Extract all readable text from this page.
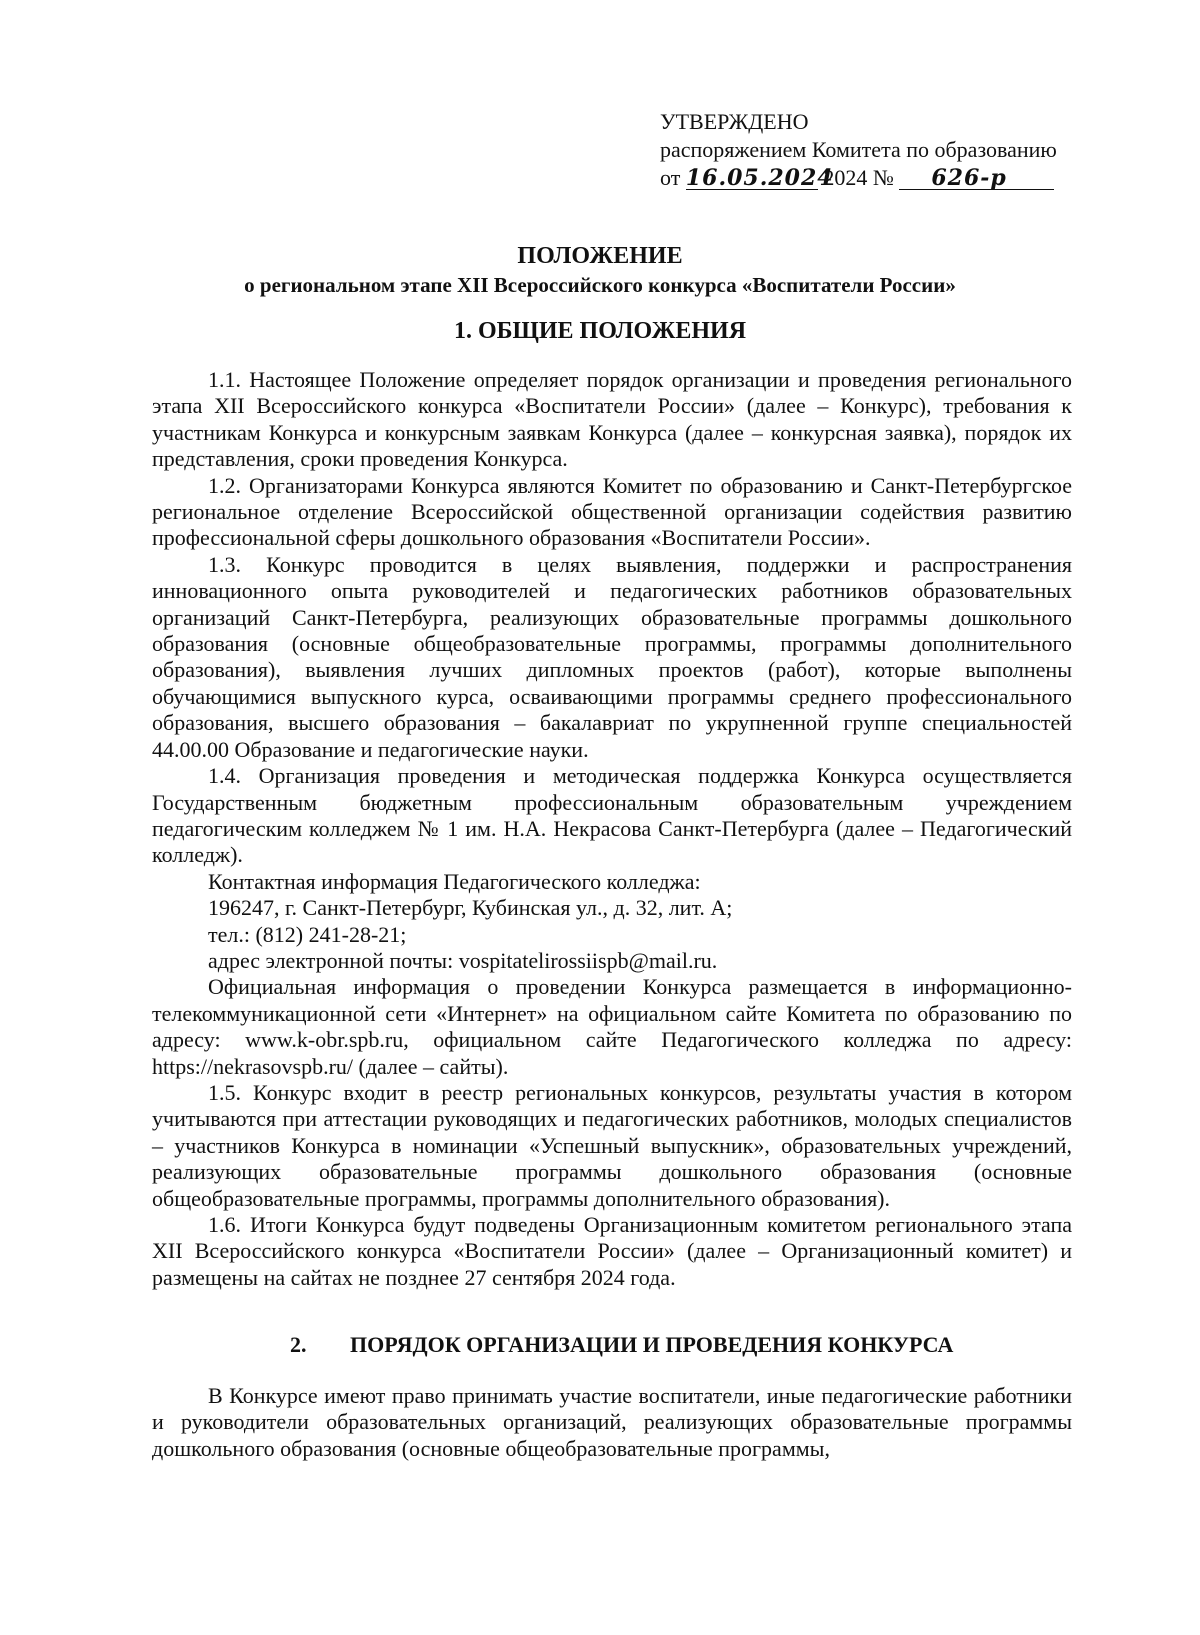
УТВЕРЖДЕНО
распоряжением Комитета по образованию
от 16.05.2024 2024 № 626-р
ПОЛОЖЕНИЕ
о региональном этапе XII Всероссийского конкурса «Воспитатели России»
1. ОБЩИЕ ПОЛОЖЕНИЯ

1.1. Настоящее Положение определяет порядок организации и проведения регионального этапа XII Всероссийского конкурса «Воспитатели России» (далее – Конкурс), требования к участникам Конкурса и конкурсным заявкам Конкурса (далее – конкурсная заявка), порядок их представления, сроки проведения Конкурса.

1.2. Организаторами Конкурса являются Комитет по образованию и Санкт-Петербургское региональное отделение Всероссийской общественной организации содействия развитию профессиональной сферы дошкольного образования «Воспитатели России».

1.3. Конкурс проводится в целях выявления, поддержки и распространения инновационного опыта руководителей и педагогических работников образовательных организаций Санкт-Петербурга, реализующих образовательные программы дошкольного образования (основные общеобразовательные программы, программы дополнительного образования), выявления лучших дипломных проектов (работ), которые выполнены обучающимися выпускного курса, осваивающими программы среднего профессионального образования, высшего образования – бакалавриат по укрупненной группе специальностей 44.00.00 Образование и педагогические науки.

1.4. Организация проведения и методическая поддержка Конкурса осуществляется Государственным бюджетным профессиональным образовательным учреждением педагогическим колледжем № 1 им. Н.А. Некрасова Санкт-Петербурга (далее – Педагогический колледж).

Контактная информация Педагогического колледжа:

196247, г. Санкт-Петербург, Кубинская ул., д. 32, лит. А;

тел.: (812) 241-28-21;

адрес электронной почты: vospitatelirossiispb@mail.ru.

Официальная информация о проведении Конкурса размещается в информационно-телекоммуникационной сети «Интернет» на официальном сайте Комитета по образованию по адресу: www.k-obr.spb.ru, официальном сайте Педагогического колледжа по адресу: https://nekrasovspb.ru/ (далее – сайты).

1.5. Конкурс входит в реестр региональных конкурсов, результаты участия в котором учитываются при аттестации руководящих и педагогических работников, молодых специалистов – участников Конкурса в номинации «Успешный выпускник», образовательных учреждений, реализующих образовательные программы дошкольного образования (основные общеобразовательные программы, программы дополнительного образования).

1.6. Итоги Конкурса будут подведены Организационным комитетом регионального этапа XII Всероссийского конкурса «Воспитатели России» (далее – Организационный комитет) и размещены на сайтах не позднее 27 сентября 2024 года.

2. ПОРЯДОК ОРГАНИЗАЦИИ И ПРОВЕДЕНИЯ КОНКУРСА

В Конкурсе имеют право принимать участие воспитатели, иные педагогические работники и руководители образовательных организаций, реализующих образовательные программы дошкольного образования (основные общеобразовательные программы,
